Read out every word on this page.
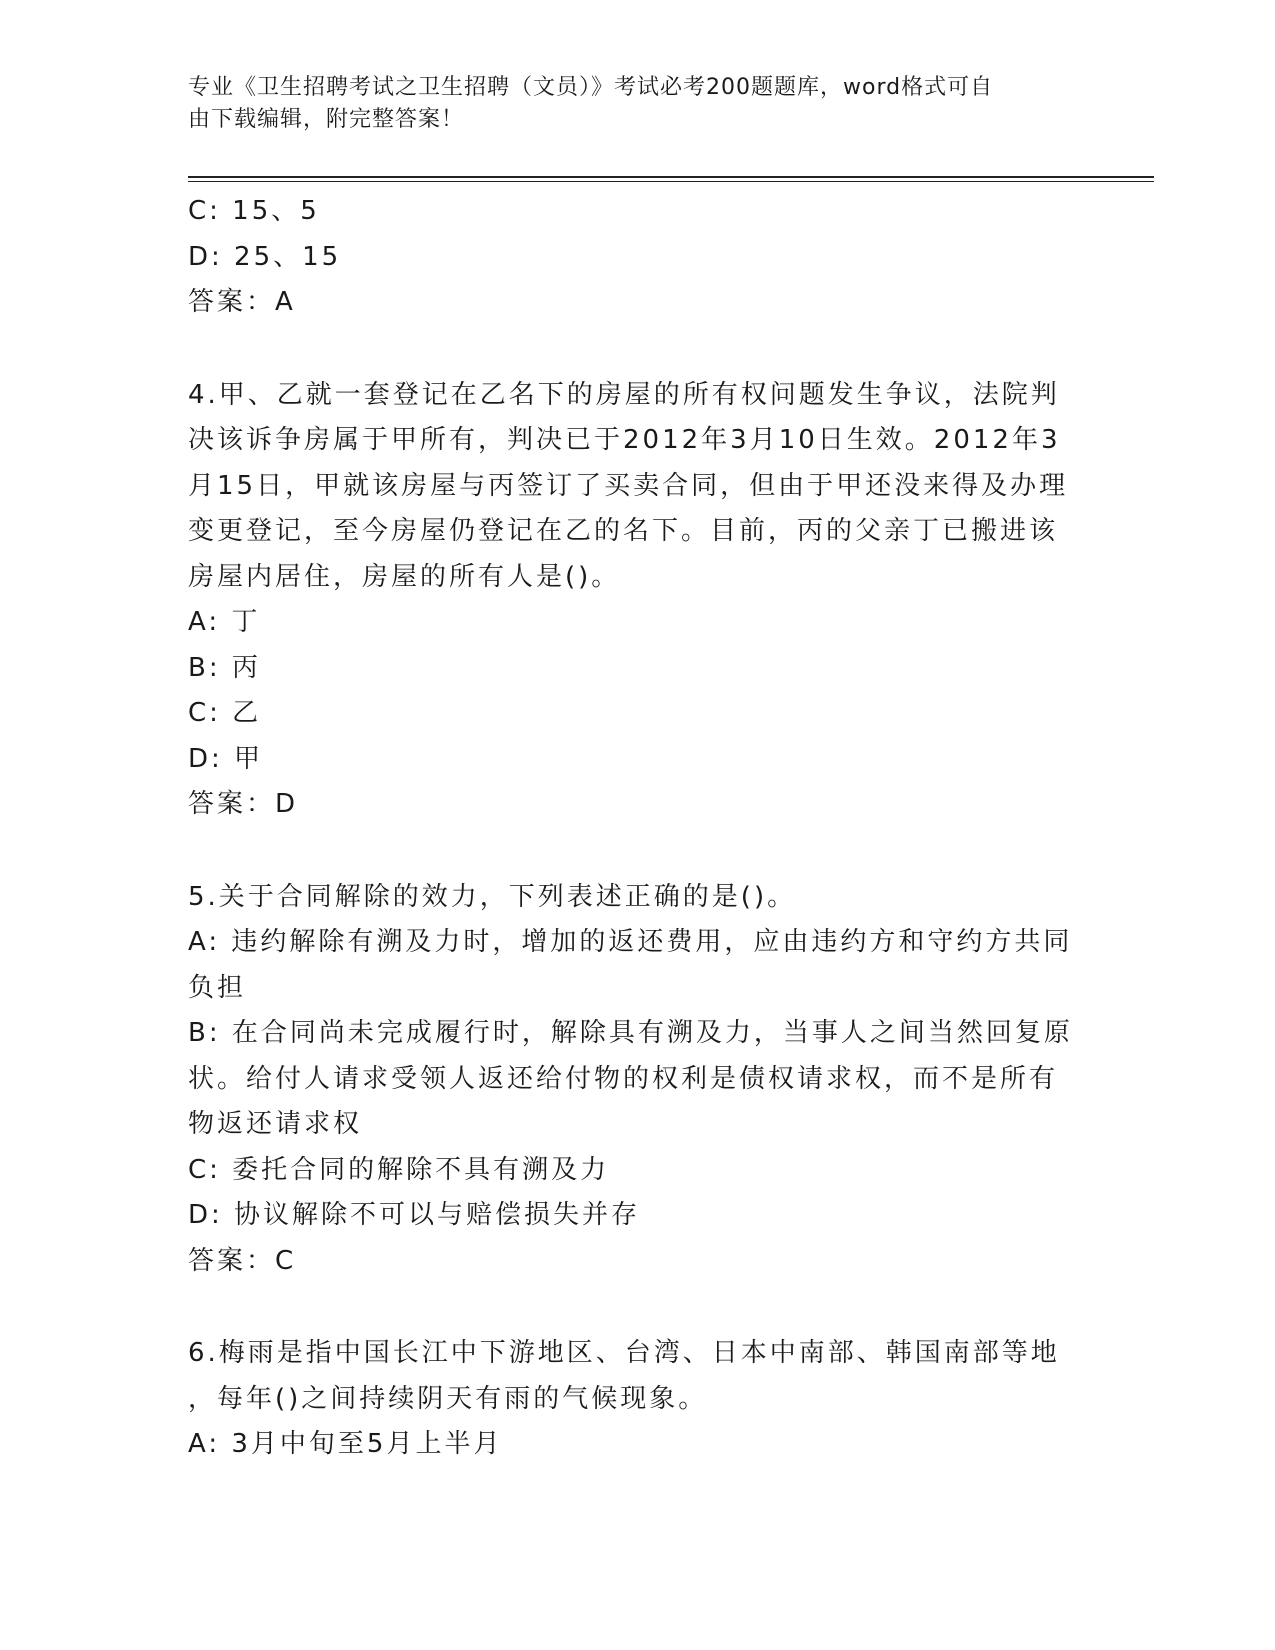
专业《卫生招聘考试之卫生招聘（文员）》考试必考200题题库，word格式可自
由下载编辑，附完整答案！

C: 15、5

D: 25、15

答案：A

4.甲、乙就一套登记在乙名下的房屋的所有权问题发生争议，法院判

决该诉争房属于甲所有，判决已于2012年3月10日生效。2012年3

月15日，甲就该房屋与丙签订了买卖合同，但由于甲还没来得及办理

变更登记，至今房屋仍登记在乙的名下。目前，丙的父亲丁已搬进该

房屋内居住，房屋的所有人是()。

A: 丁

B: 丙

C: 乙

D: 甲

答案：D

5.关于合同解除的效力，下列表述正确的是()。

A: 违约解除有溯及力时，增加的返还费用，应由违约方和守约方共同

负担

B: 在合同尚未完成履行时，解除具有溯及力，当事人之间当然回复原

状。给付人请求受领人返还给付物的权利是债权请求权，而不是所有

物返还请求权

C: 委托合同的解除不具有溯及力

D: 协议解除不可以与赔偿损失并存

答案：C

6.梅雨是指中国长江中下游地区、台湾、日本中南部、韩国南部等地

，每年()之间持续阴天有雨的气候现象。

A: 3月中旬至5月上半月
